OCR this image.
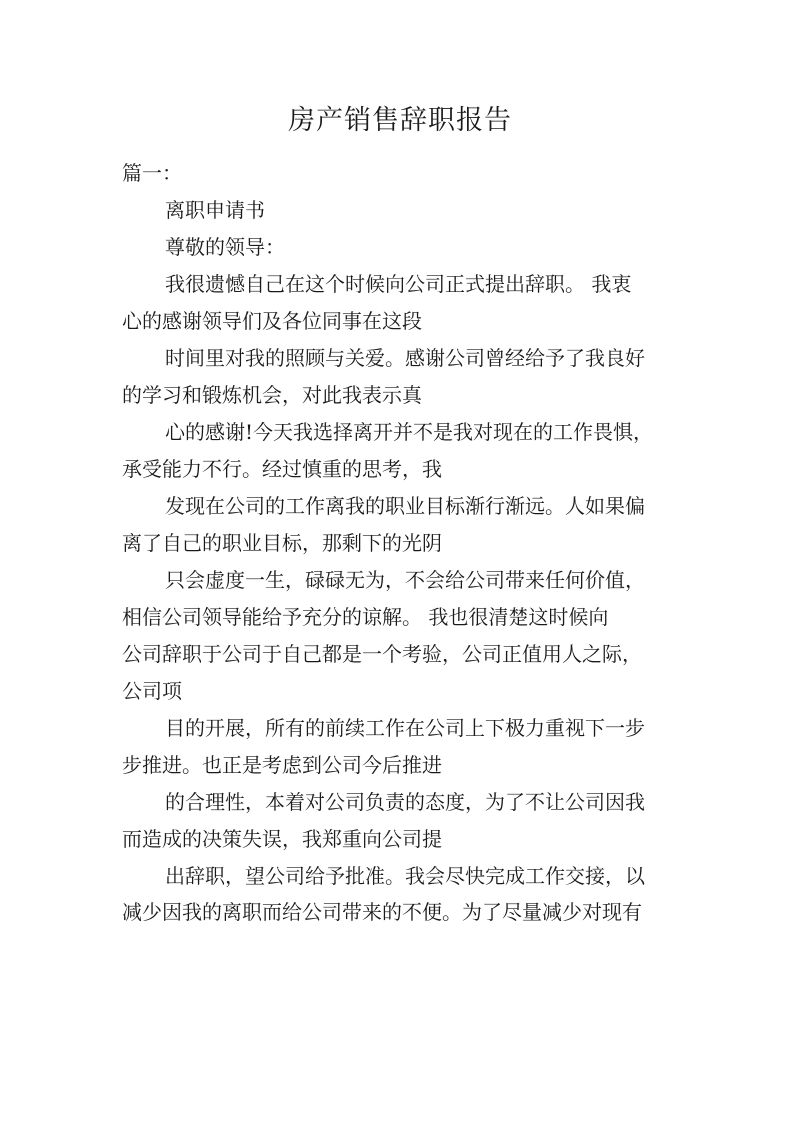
房产销售辞职报告
篇一：
离职申请书
尊敬的领导：
我很遗憾自己在这个时候向公司正式提出辞职。 我衷
心的感谢领导们及各位同事在这段
时间里对我的照顾与关爱。感谢公司曾经给予了我良好
的学习和锻炼机会，对此我表示真
心的感谢!今天我选择离开并不是我对现在的工作畏惧，
承受能力不行。经过慎重的思考，我
发现在公司的工作离我的职业目标渐行渐远。人如果偏
离了自己的职业目标，那剩下的光阴
只会虚度一生，碌碌无为，不会给公司带来任何价值，
相信公司领导能给予充分的谅解。 我也很清楚这时候向
公司辞职于公司于自己都是一个考验，公司正值用人之际，
公司项
目的开展，所有的前续工作在公司上下极力重视下一步
步推进。也正是考虑到公司今后推进
的合理性，本着对公司负责的态度，为了不让公司因我
而造成的决策失误，我郑重向公司提
出辞职，望公司给予批准。我会尽快完成工作交接，以
减少因我的离职而给公司带来的不便。为了尽量减少对现有
